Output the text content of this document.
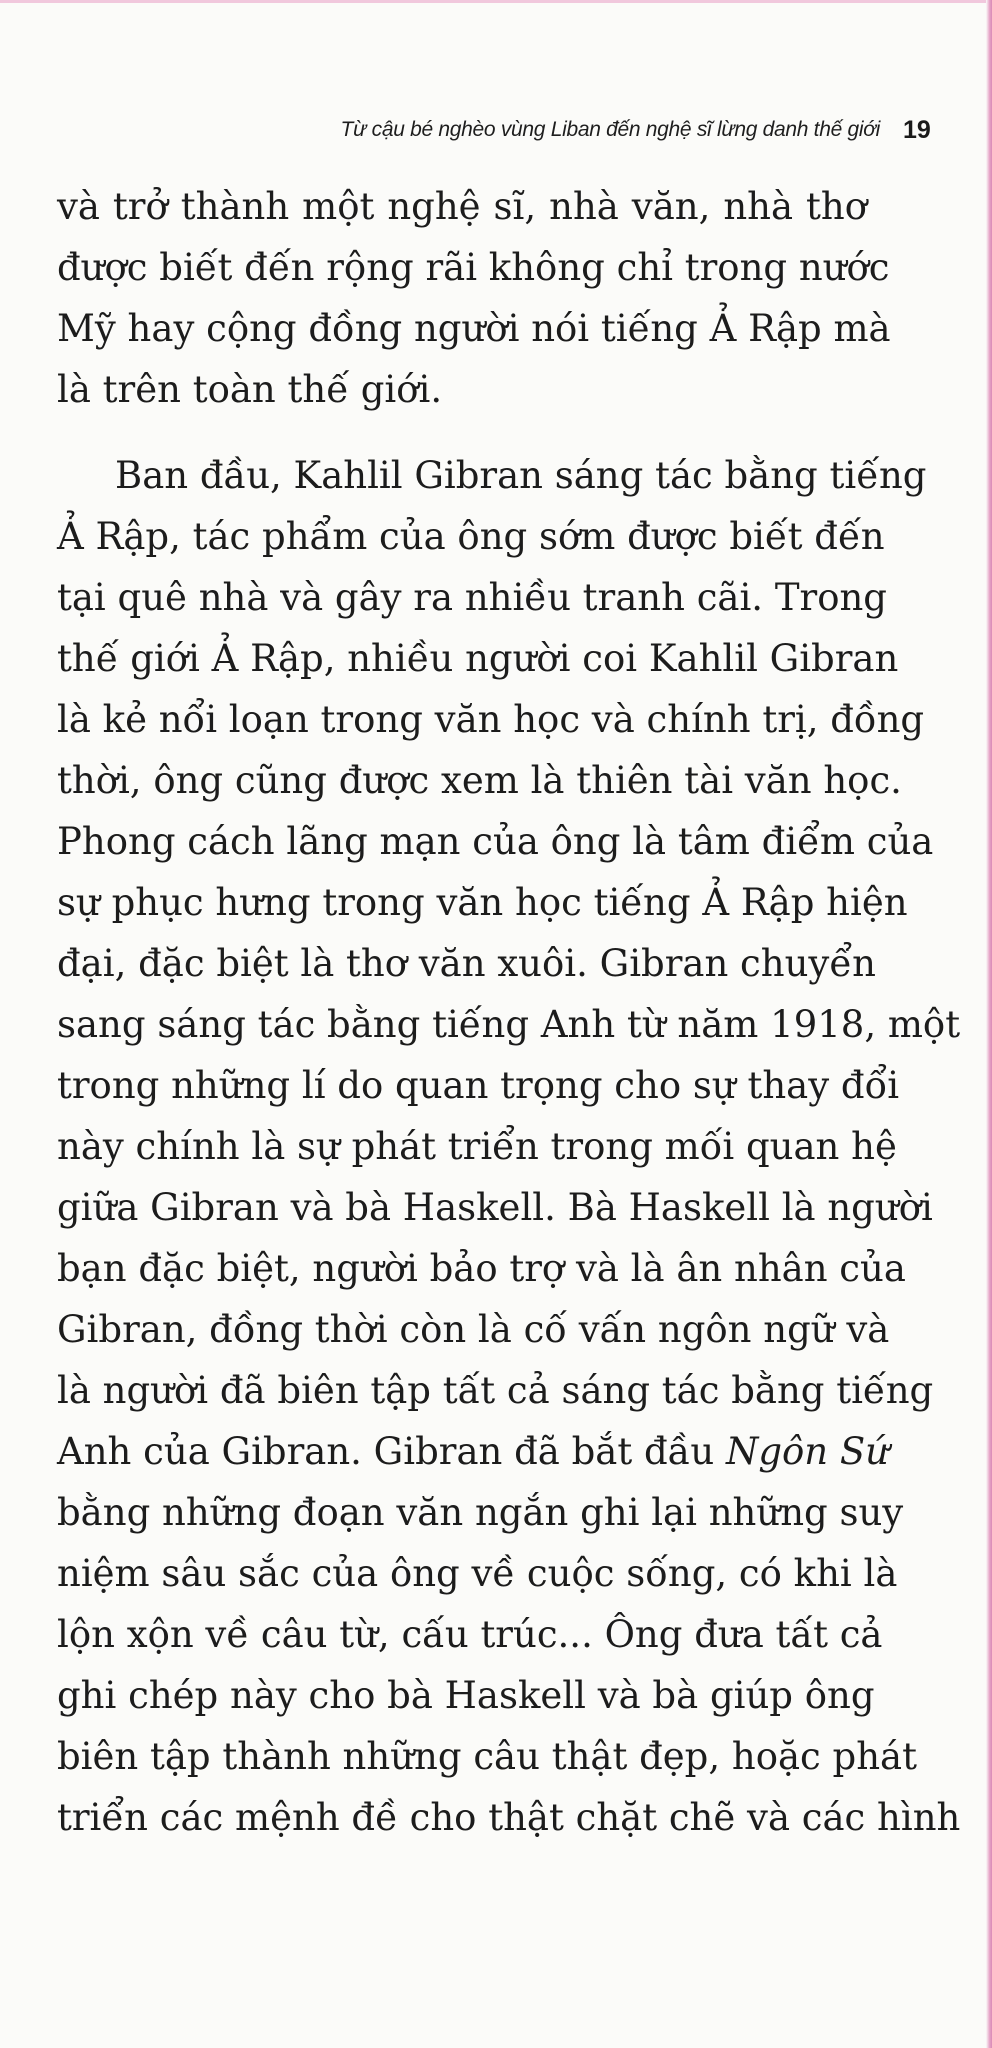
Từ cậu bé nghèo vùng Liban đến nghệ sĩ lừng danh thế giới 19
và trở thành một nghệ sĩ, nhà văn, nhà thơ
được biết đến rộng rãi không chỉ trong nước
Mỹ hay cộng đồng người nói tiếng Ả Rập mà
là trên toàn thế giới.
Ban đầu, Kahlil Gibran sáng tác bằng tiếng
Ả Rập, tác phẩm của ông sớm được biết đến
tại quê nhà và gây ra nhiều tranh cãi. Trong
thế giới Ả Rập, nhiều người coi Kahlil Gibran
là kẻ nổi loạn trong văn học và chính trị, đồng
thời, ông cũng được xem là thiên tài văn học.
Phong cách lãng mạn của ông là tâm điểm của
sự phục hưng trong văn học tiếng Ả Rập hiện
đại, đặc biệt là thơ văn xuôi. Gibran chuyển
sang sáng tác bằng tiếng Anh từ năm 1918, một
trong những lí do quan trọng cho sự thay đổi
này chính là sự phát triển trong mối quan hệ
giữa Gibran và bà Haskell. Bà Haskell là người
bạn đặc biệt, người bảo trợ và là ân nhân của
Gibran, đồng thời còn là cố vấn ngôn ngữ và
là người đã biên tập tất cả sáng tác bằng tiếng
Anh của Gibran. Gibran đã bắt đầu Ngôn Sứ
bằng những đoạn văn ngắn ghi lại những suy
niệm sâu sắc của ông về cuộc sống, có khi là
lộn xộn về câu từ, cấu trúc... Ông đưa tất cả
ghi chép này cho bà Haskell và bà giúp ông
biên tập thành những câu thật đẹp, hoặc phát
triển các mệnh đề cho thật chặt chẽ và các hình
